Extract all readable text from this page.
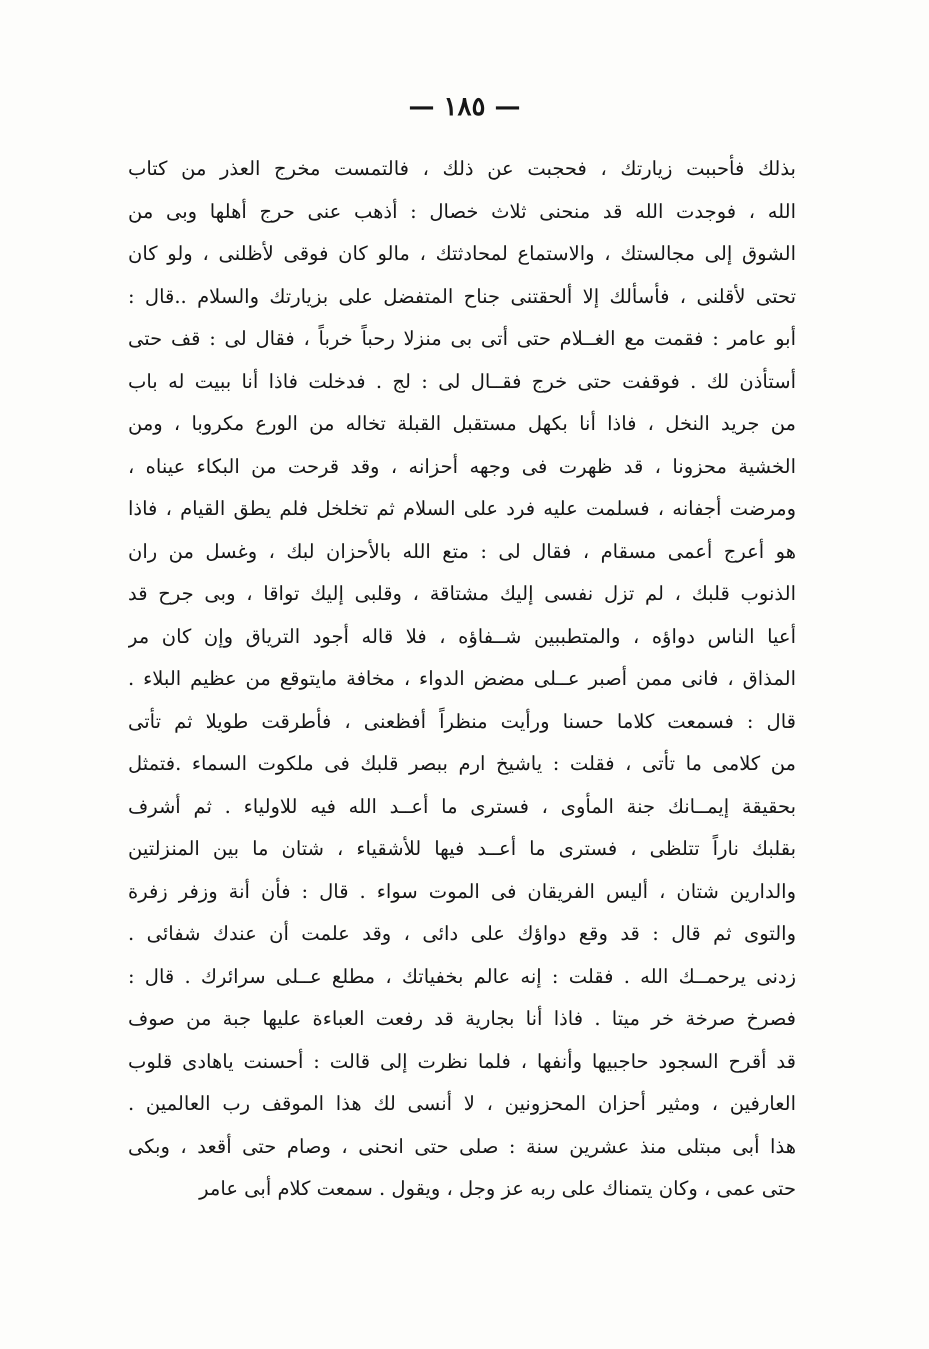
— ١٨٥ —
بذلك فأحببت زيارتك ، فحجبت عن ذلك ، فالتمست مخرج العذر من كتاب
الله ، فوجدت الله قد منحنى ثلاث خصال : أذهب عنى حرج أهلها وبى من
الشوق إلى مجالستك ، والاستماع لمحادثتك ، مالو كان فوقى لأظلنى ، ولو كان
تحتى لأقلنى ، فأسألك إلا ألحقتنى جناح المتفضل على بزيارتك والسلام ..قال :
أبو عامر : فقمت مع الغــلام حتى أتى بى منزلا رحباً خرباً ، فقال لى : قف حتى
أستأذن لك . فوقفت حتى خرج فقــال لى : لج . فدخلت فاذا أنا ببيت له باب
من جريد النخل ، فاذا أنا بكهل مستقبل القبلة تخاله من الورع مكروبا ، ومن
الخشية محزونا ، قد ظهرت فى وجهه أحزانه ، وقد قرحت من البكاء عيناه ،
ومرضت أجفانه ، فسلمت عليه فرد على السلام ثم تخلخل فلم يطق القيام ، فاذا
هو أعرج أعمى مسقام ، فقال لى : متع الله بالأحزان لبك ، وغسل من ران
الذنوب قلبك ، لم تزل نفسى إليك مشتاقة ، وقلبى إليك تواقا ، وبى جرح قد
أعيا الناس دواؤه ، والمتطببين شــفاؤه ، فلا قاله أجود الترياق وإن كان مر
المذاق ، فانى ممن أصبر عــلى مضض الدواء ، مخافة مايتوقع من عظيم البلاء .
قال : فسمعت كلاما حسنا ورأيت منظراً أفظعنى ، فأطرقت طويلا ثم تأتى
من كلامى ما تأتى ، فقلت : ياشيخ ارم ببصر قلبك فى ملكوت السماء .فتمثل
بحقيقة إيمــانك جنة المأوى ، فسترى ما أعــد الله فيه للاولياء . ثم أشرف
بقلبك ناراً تتلظى ، فسترى ما أعــد فيها للأشقياء ، شتان ما بين المنزلتين
والدارين شتان ، أليس الفريقان فى الموت سواء . قال : فأن أنة وزفر زفرة
والتوى ثم قال : قد وقع دواؤك على دائى ، وقد علمت أن عندك شفائى .
زدنى يرحمــك الله . فقلت : إنه عالم بخفياتك ، مطلع عــلى سرائرك . قال :
فصرخ صرخة خر ميتا . فاذا أنا بجارية قد رفعت العباءة عليها جبة من صوف
قد أقرح السجود حاجبيها وأنفها ، فلما نظرت إلى قالت : أحسنت ياهادى قلوب
العارفين ، ومثير أحزان المحزونين ، لا أنسى لك هذا الموقف رب العالمين .
هذا أبى مبتلى منذ عشرين سنة : صلى حتى انحنى ، وصام حتى أقعد ، وبكى
حتى عمى ، وكان يتمناك على ربه عز وجل ، ويقول . سمعت كلام أبى عامر
